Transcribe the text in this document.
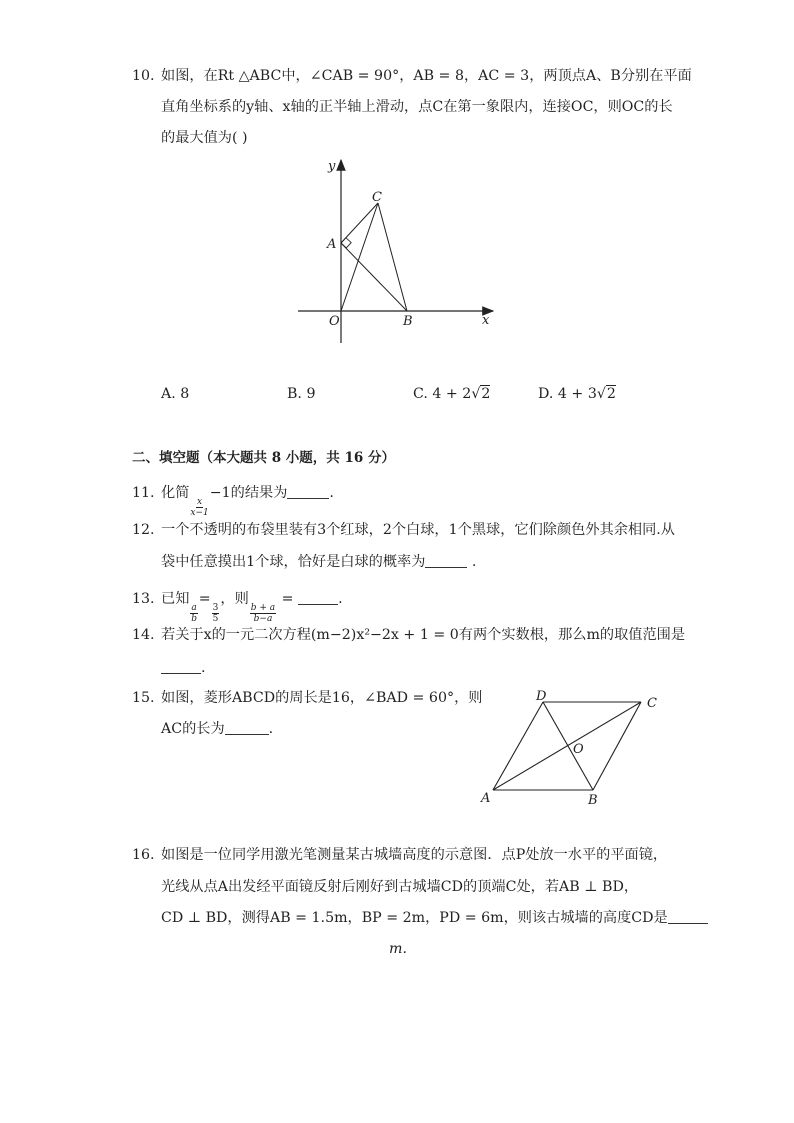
10. 如图，在Rt △ABC中，∠CAB = 90°，AB = 8，AC = 3，两顶点A、B分别在平面
直角坐标系的y轴、x轴的正半轴上滑动，点C在第一象限内，连接OC，则OC的长
的最大值为( )
y
x
C
A
O	B
A. 8	B. 9	C. 4 + 2√2	D. 4 + 3√2
二、填空题（本大题共 8 小题，共 16 分）
11. 化简
$\frac{x}{x-1}$
−1的结果为	.
12. 一个不透明的布袋里装有3个红球，2个白球，1个黑球，它们除颜色外其余相同.从
袋中任意摸出1个球，恰好是白球的概率为	.
13. 已知
$\frac{a}{b}$
=
$\frac{3}{5}$
，则
$\frac{b + a}{b-a}$
=	.
14. 若关于x的一元二次方程(m−2)x²−2x + 1 = 0有两个实数根，那么m的取值范围是
.
15. 如图，菱形ABCD的周长是16，∠BAD = 60°，则
AC的长为	.
D	C
O
A	B
16. 如图是一位同学用激光笔测量某古城墙高度的示意图．点P处放一水平的平面镜，
光线从点A出发经平面镜反射后刚好到古城墙CD的顶端C处，若AB ⊥ BD，
CD ⊥ BD，测得AB = 1.5m，BP = 2m，PD = 6m，则该古城墙的高度CD是
m.
